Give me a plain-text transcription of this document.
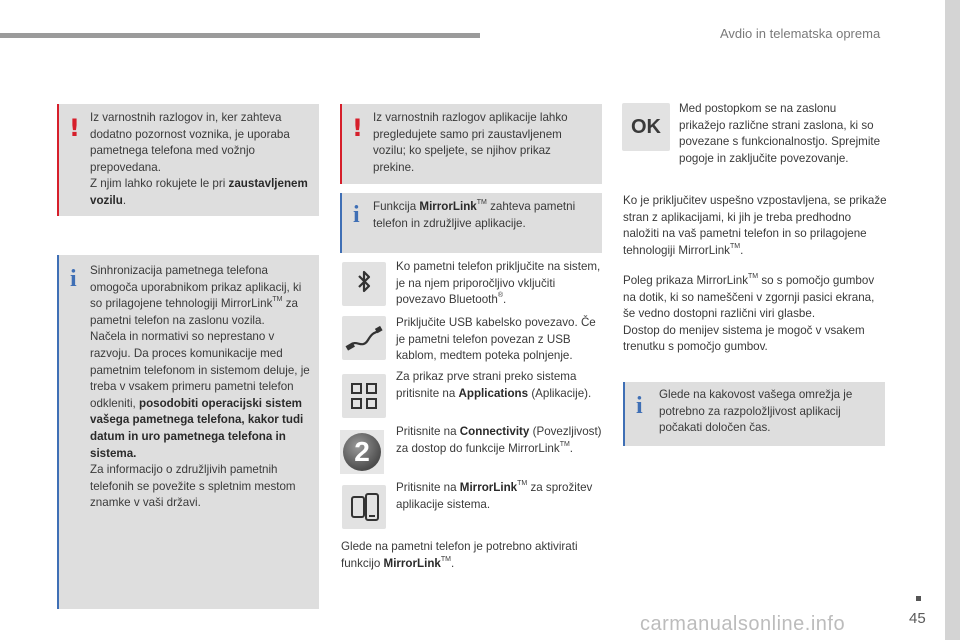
Avdio in telematska oprema
! Iz varnostnih razlogov in, ker zahteva dodatno pozornost voznika, je uporaba pametnega telefona med vožnjo prepovedana.

Z njim lahko rokujete le pri zaustavljenem vozilu.

i Sinhronizacija pametnega telefona omogoča uporabnikom prikaz aplikacij, ki so prilagojene tehnologiji MirrorLink™ za pametni telefon na zaslonu vozila.

Načela in normativi so neprestano v razvoju. Da proces komunikacije med pametnim telefonom in sistemom deluje, je treba v vsakem primeru pametni telefon odkleniti, posodobiti operacijski sistem vašega pametnega telefona, kakor tudi datum in uro pametnega telefona in sistema.

Za informacijo o združljivih pametnih telefonih se povežite s spletnim mestom znamke v vaši državi.

! Iz varnostnih razlogov aplikacije lahko pregledujete samo pri zaustavljenem vozilu; ko speljete, se njihov prikaz prekine.
i Funkcija MirrorLink™ zahteva pametni telefon in združljive aplikacije.
Ko pametni telefon priključite na sistem, je na njem priporočljivo vključiti povezavo Bluetooth®.
Priključite USB kabelsko povezavo. Če je pametni telefon povezan z USB kablom, medtem poteka polnjenje.
Za prikaz prve strani preko sistema pritisnite na Applications (Aplikacije).
2
Pritisnite na Connectivity (Povezljivost) za dostop do funkcije MirrorLink™.
Pritisnite na MirrorLink™ za sprožitev aplikacije sistema.
Glede na pametni telefon je potrebno aktivirati funkcijo MirrorLink™.
OK
Med postopkom se na zaslonu prikažejo različne strani zaslona, ki so povezane s funkcionalnostjo. Sprejmite pogoje in zaključite povezovanje.
Ko je priključitev uspešno vzpostavljena, se prikaže stran z aplikacijami, ki jih je treba predhodno naložiti na vaš pametni telefon in so prilagojene tehnologiji MirrorLink™.

Poleg prikaza MirrorLink™ so s pomočjo gumbov na dotik, ki so nameščeni v zgornji pasici ekrana, še vedno dostopni različni viri glasbe.

Dostop do menijev sistema je mogoč v vsakem trenutku s pomočjo gumbov.

i Glede na kakovost vašega omrežja je potrebno za razpoložljivost aplikacij počakati določen čas.
45
carmanualsonline.info
